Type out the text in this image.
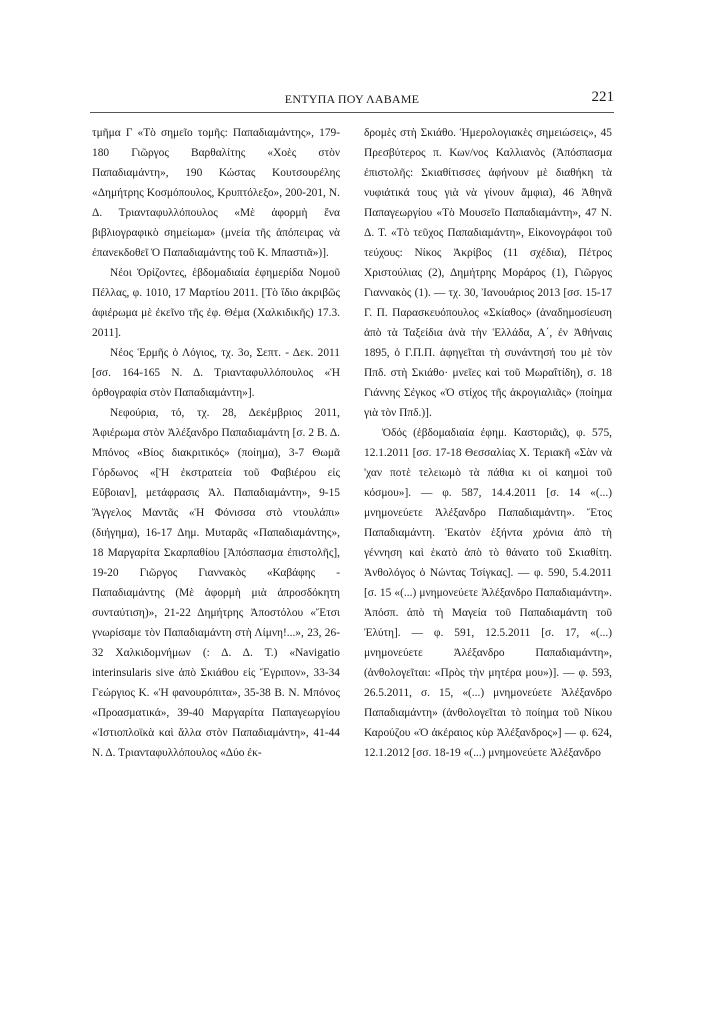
ΕΝΤΥΠΑ ΠΟΥ ΛΑΒΑΜΕ	221

τμῆμα Γ «Τὸ σημεῖο τομῆς: Παπαδιαμάντης», 179-180 Γιῶργος Βαρθαλίτης «Χοὲς στὸν Παπαδιαμάντη», 190 Κώστας Κουτσουρέλης «Δημήτρης Κοσμόπουλος, Κρυπτόλεξο», 200-201, Ν. Δ. Τριανταφυλλόπουλος «Μὲ ἀφορμὴ ἕνα βιβλιογραφικὸ σημείωμα» (μνεία τῆς ἀπόπειρας νὰ ἐπανεκδοθεῖ Ὁ Παπαδιαμάντης τοῦ Κ. Μπαστιᾶ»)].

Νέοι Ὁρίζοντες, ἑβδομαδιαία ἐφημερίδα Νομοῦ Πέλλας, φ. 1010, 17 Μαρτίου 2011. [Τὸ ἴδιο ἀκριβῶς ἀφιέρωμα μὲ ἐκεῖνο τῆς ἐφ. Θέμα (Χαλκιδικῆς) 17.3. 2011].

Νέος Ἑρμῆς ὁ Λόγιος, τχ. 3ο, Σεπτ. - Δεκ. 2011 [σσ. 164-165 Ν. Δ. Τριανταφυλλόπουλος «Ἡ ὀρθογραφία στὸν Παπαδιαμάντη»].

Νεφούρια, τό, τχ. 28, Δεκέμβριος 2011, Ἀφιέρωμα στὸν Ἀλέξανδρο Παπαδιαμάντη [σ. 2 Β. Δ. Μπόνος «Βίος διακριτικός» (ποίημα), 3-7 Θωμᾶ Γόρδωνος «[Ἡ ἐκστρατεία τοῦ Φαβιέρου εἰς Εὔβοιαν], μετάφρασις Ἀλ. Παπαδιαμάντη», 9-15 Ἄγγελος Μαντᾶς «Ἡ Φόνισσα στὸ ντουλάπι» (διήγημα), 16-17 Δημ. Μυταρᾶς «Παπαδιαμάντης», 18 Μαργαρίτα Σκαρπαθίου [Ἀπόσπασμα ἐπιστολῆς], 19-20 Γιῶργος Γιαννακὸς «Καβάφης - Παπαδιαμάντης (Μὲ ἀφορμὴ μιὰ ἀπροσδόκητη συνταύτιση)», 21-22 Δημήτρης Ἀποστόλου «Ἔτσι γνωρίσαμε τὸν Παπαδιαμάντη στὴ Λίμνη!...», 23, 26-32 Χαλκιδομνήμων (: Δ. Δ. Τ.) «Navigatio interinsularis sive ἀπὸ Σκιάθου εἰς Ἔγριπον», 33-34 Γεώργιος Κ. «Ἡ φανουρόπιτα», 35-38 Β. Ν. Μπόνος «Προασματικά», 39-40 Μαργαρίτα Παπαγεωργίου «Ἰστιοπλοϊκὰ καὶ ἄλλα στὸν Παπαδιαμάντη», 41-44 Ν. Δ. Τριανταφυλλόπουλος «Δύο ἐκ-

δρομὲς στὴ Σκιάθο. Ἡμερολογιακὲς σημειώσεις», 45 Πρεσβύτερος π. Κων/νος Καλλιανὸς (Ἀπόσπασμα ἐπιστολῆς: Σκιαθίτισσες ἀφήνουν μὲ διαθήκη τὰ νυφιάτικά τους γιὰ νὰ γίνουν ἄμφια), 46 Ἀθηνᾶ Παπαγεωργίου «Τὸ Μουσεῖο Παπαδιαμάντη», 47 Ν. Δ. Τ. «Τὸ τεῦχος Παπαδιαμάντη», Εἰκονογράφοι τοῦ τεύχους: Νίκος Ἀκρίβος (11 σχέδια), Πέτρος Χριστούλιας (2), Δημήτρης Μοράρος (1), Γιῶργος Γιαννακὸς (1). — τχ. 30, Ἰανουάριος 2013 [σσ. 15-17 Γ. Π. Παρασκευόπουλος «Σκίαθος» (ἀναδημοσίευση ἀπὸ τὰ Ταξείδια ἀνὰ τὴν Ἑλλάδα, Α΄, ἐν Ἀθήναις 1895, ὁ Γ.Π.Π. ἀφηγεῖται τὴ συνάντησή του μὲ τὸν Ππδ. στὴ Σκιάθο· μνεῖες καὶ τοῦ Μωραΐτίδη), σ. 18 Γιάννης Σέγκος «Ὁ στίχος τῆς ἀκρογιαλιᾶς» (ποίημα γιὰ τὸν Ππδ.)].

Ὁδός (ἑβδομαδιαία ἐφημ. Καστοριᾶς), φ. 575, 12.1.2011 [σσ. 17-18 Θεσσαλίας Χ. Τεριακῆ «Σὰν νὰ 'χαν ποτὲ τελειωμὸ τὰ πάθια κι οἱ καημοὶ τοῦ κόσμου»]. — φ. 587, 14.4.2011 [σ. 14 «(...) μνημονεύετε Ἀλέξανδρο Παπαδιαμάντη». Ἔτος Παπαδιαμάντη. Ἑκατὸν ἑξήντα χρόνια ἀπὸ τὴ γέννηση καὶ ἑκατὸ ἀπὸ τὸ θάνατο τοῦ Σκιαθίτη. Ἀνθολόγος ὁ Νώντας Τσίγκας]. — φ. 590, 5.4.2011 [σ. 15 «(...) μνημονεύετε Ἀλέξανδρο Παπαδιαμάντη». Ἀπόσπ. ἀπὸ τὴ Μαγεία τοῦ Παπαδιαμάντη τοῦ Ἐλύτη]. — φ. 591, 12.5.2011 [σ. 17, «(...) μνημονεύετε Ἀλέξανδρο Παπαδιαμάντη», (ἀνθολογεῖται: «Πρὸς τὴν μητέρα μου»)]. — φ. 593, 26.5.2011, σ. 15, «(...) μνημονεύετε Ἀλέξανδρο Παπαδιαμάντη» (ἀνθολογεῖται τὸ ποίημα τοῦ Νίκου Καρούζου «Ὁ ἀκέραιος κὺρ Ἀλέξανδρος»] — φ. 624, 12.1.2012 [σσ. 18-19 «(...) μνημονεύετε Ἀλέξανδρο
